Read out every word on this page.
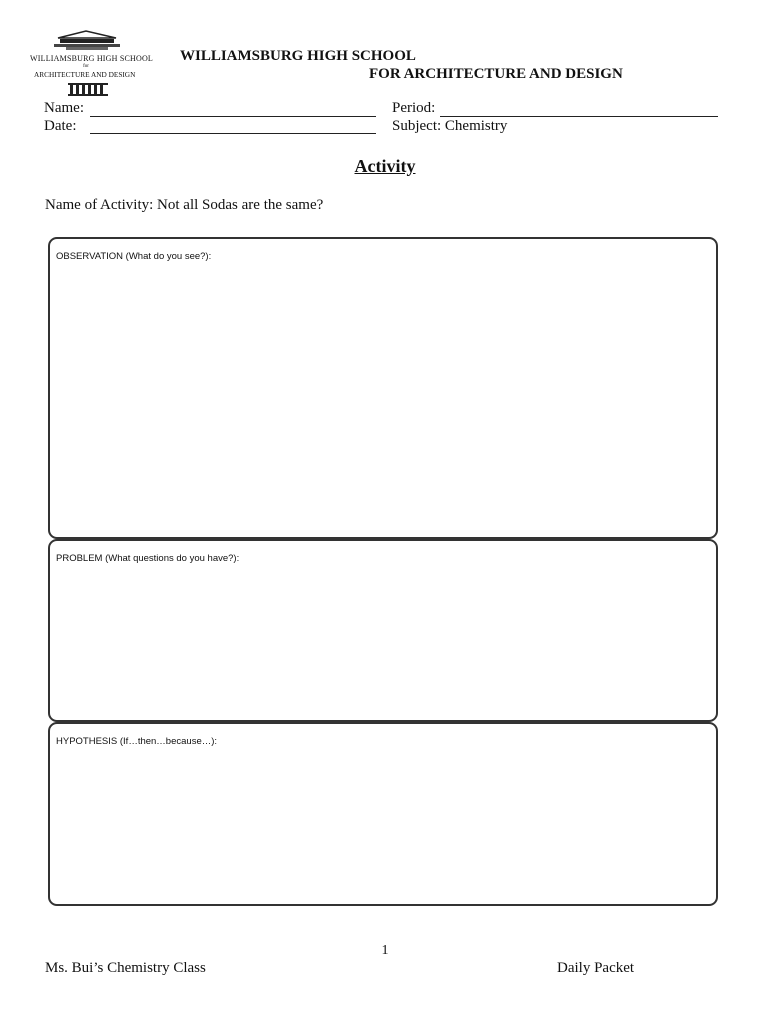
WILLIAMSBURG HIGH SCHOOL
for
ARCHITECTURE AND DESIGN
WILLIAMSBURG HIGH SCHOOL
FOR ARCHITECTURE AND DESIGN
Name:
Date:
Period:
Subject: Chemistry
Activity
Name of Activity: Not all Sodas are the same?
OBSERVATION (What do you see?):
PROBLEM (What questions do you have?):
HYPOTHESIS (If…then…because…):
1
Ms. Bui’s Chemistry Class	Daily Packet
